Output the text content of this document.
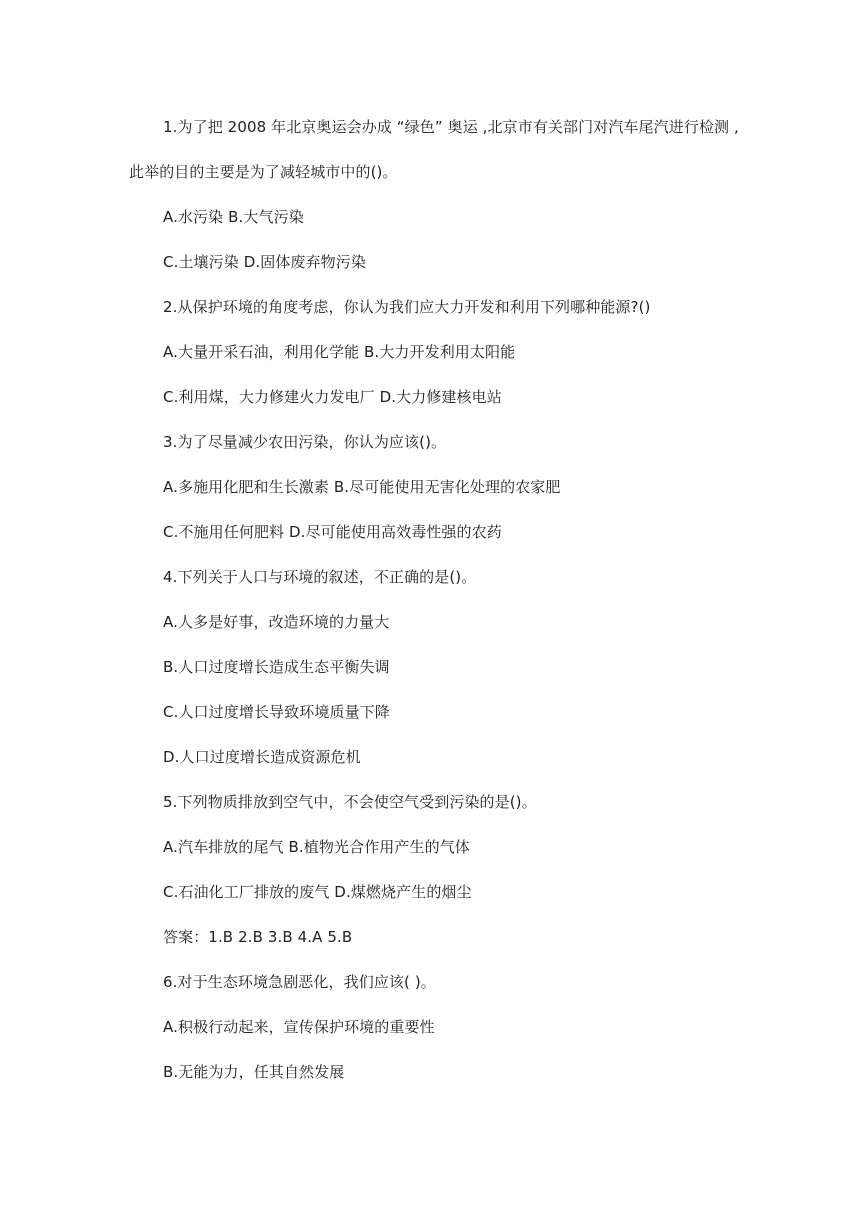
1.为了把 2008 年北京奥运会办成 “绿色” 奥运 ,北京市有关部门对汽车尾汽进行检测 ,
此举的目的主要是为了减轻城市中的()。
A.水污染 B.大气污染
C.土壤污染 D.固体废弃物污染
2.从保护环境的角度考虑，你认为我们应大力开发和利用下列哪种能源?()
A.大量开采石油，利用化学能 B.大力开发利用太阳能
C.利用煤，大力修建火力发电厂 D.大力修建核电站
3.为了尽量减少农田污染，你认为应该()。
A.多施用化肥和生长激素 B.尽可能使用无害化处理的农家肥
C.不施用任何肥料 D.尽可能使用高效毒性强的农药
4.下列关于人口与环境的叙述，不正确的是()。
A.人多是好事，改造环境的力量大
B.人口过度增长造成生态平衡失调
C.人口过度增长导致环境质量下降
D.人口过度增长造成资源危机
5.下列物质排放到空气中，不会使空气受到污染的是()。
A.汽车排放的尾气 B.植物光合作用产生的气体
C.石油化工厂排放的废气 D.煤燃烧产生的烟尘
答案：1.B 2.B 3.B 4.A 5.B
6.对于生态环境急剧恶化，我们应该( )。
A.积极行动起来，宣传保护环境的重要性
B.无能为力，任其自然发展
